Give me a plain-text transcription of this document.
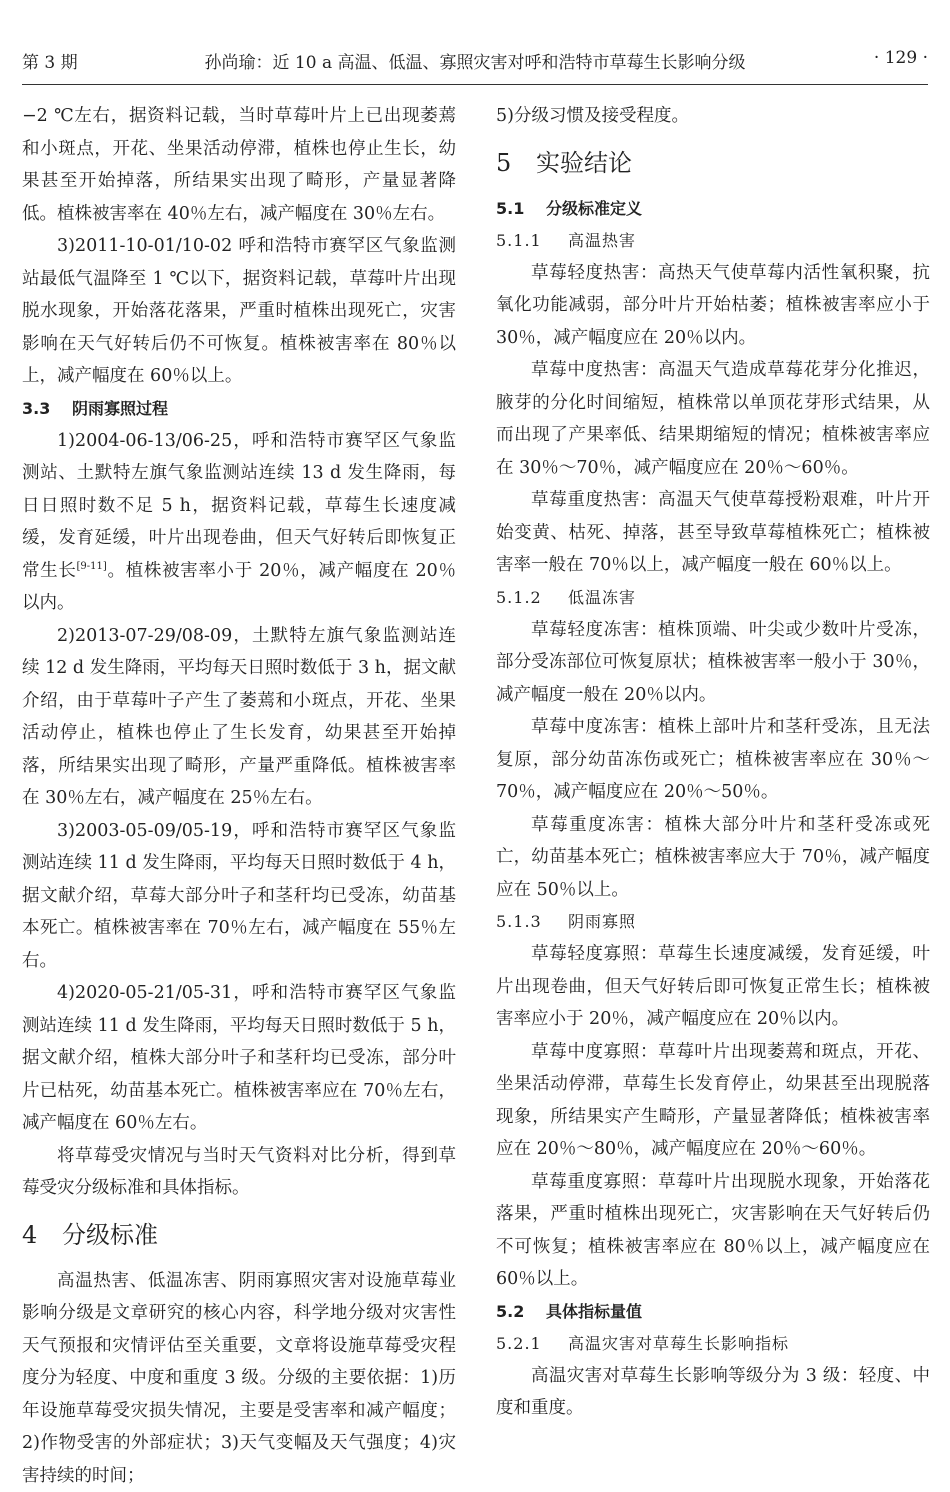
第 3 期	孙尚瑜：近 10 a 高温、低温、寡照灾害对呼和浩特市草莓生长影响分级	· 129 ·

−2 ℃左右，据资料记载，当时草莓叶片上已出现萎蔫和小斑点，开花、坐果活动停滞，植株也停止生长，幼果甚至开始掉落，所结果实出现了畸形，产量显著降低。植株被害率在 40％左右，减产幅度在 30％左右。

3)2011-10-01/10-02 呼和浩特市赛罕区气象监测站最低气温降至 1 ℃以下，据资料记载，草莓叶片出现脱水现象，开始落花落果，严重时植株出现死亡，灾害影响在天气好转后仍不可恢复。植株被害率在 80％以上，减产幅度在 60％以上。

3.3 阴雨寡照过程

1)2004-06-13/06-25，呼和浩特市赛罕区气象监测站、土默特左旗气象监测站连续 13 d 发生降雨，每日日照时数不足 5 h，据资料记载，草莓生长速度减缓，发育延缓，叶片出现卷曲，但天气好转后即恢复正常生长[9-11]。植株被害率小于 20％，减产幅度在 20％以内。

2)2013-07-29/08-09，土默特左旗气象监测站连续 12 d 发生降雨，平均每天日照时数低于 3 h，据文献介绍，由于草莓叶子产生了萎蔫和小斑点，开花、坐果活动停止，植株也停止了生长发育，幼果甚至开始掉落，所结果实出现了畸形，产量严重降低。植株被害率在 30％左右，减产幅度在 25％左右。

3)2003-05-09/05-19，呼和浩特市赛罕区气象监测站连续 11 d 发生降雨，平均每天日照时数低于 4 h，据文献介绍，草莓大部分叶子和茎秆均已受冻，幼苗基本死亡。植株被害率在 70％左右，减产幅度在 55％左右。

4)2020-05-21/05-31，呼和浩特市赛罕区气象监测站连续 11 d 发生降雨，平均每天日照时数低于 5 h，据文献介绍，植株大部分叶子和茎秆均已受冻，部分叶片已枯死，幼苗基本死亡。植株被害率应在 70％左右，减产幅度在 60％左右。

将草莓受灾情况与当时天气资料对比分析，得到草莓受灾分级标准和具体指标。

4 分级标准

高温热害、低温冻害、阴雨寡照灾害对设施草莓业影响分级是文章研究的核心内容，科学地分级对灾害性天气预报和灾情评估至关重要，文章将设施草莓受灾程度分为轻度、中度和重度 3 级。分级的主要依据：1)历年设施草莓受灾损失情况，主要是受害率和减产幅度；2)作物受害的外部症状；3)天气变幅及天气强度；4)灾害持续的时间；

5)分级习惯及接受程度。

5 实验结论
5.1 分级标准定义
5.1.1 高温热害

草莓轻度热害：高热天气使草莓内活性氧积聚，抗氧化功能减弱，部分叶片开始枯萎；植株被害率应小于 30％，减产幅度应在 20％以内。

草莓中度热害：高温天气造成草莓花芽分化推迟，腋芽的分化时间缩短，植株常以单顶花芽形式结果，从而出现了产果率低、结果期缩短的情况；植株被害率应在 30％～70％，减产幅度应在 20％～60％。

草莓重度热害：高温天气使草莓授粉艰难，叶片开始变黄、枯死、掉落，甚至导致草莓植株死亡；植株被害率一般在 70％以上，减产幅度一般在 60％以上。

5.1.2 低温冻害

草莓轻度冻害：植株顶端、叶尖或少数叶片受冻，部分受冻部位可恢复原状；植株被害率一般小于 30％，减产幅度一般在 20％以内。

草莓中度冻害：植株上部叶片和茎秆受冻，且无法复原，部分幼苗冻伤或死亡；植株被害率应在 30％～70％，减产幅度应在 20％～50％。

草莓重度冻害：植株大部分叶片和茎秆受冻或死亡，幼苗基本死亡；植株被害率应大于 70％，减产幅度应在 50％以上。

5.1.3 阴雨寡照

草莓轻度寡照：草莓生长速度减缓，发育延缓，叶片出现卷曲，但天气好转后即可恢复正常生长；植株被害率应小于 20％，减产幅度应在 20％以内。

草莓中度寡照：草莓叶片出现萎蔫和斑点，开花、坐果活动停滞，草莓生长发育停止，幼果甚至出现脱落现象，所结果实产生畸形，产量显著降低；植株被害率应在 20％～80％，减产幅度应在 20％～60％。

草莓重度寡照：草莓叶片出现脱水现象，开始落花落果，严重时植株出现死亡，灾害影响在天气好转后仍不可恢复；植株被害率应在 80％以上，减产幅度应在 60％以上。

5.2 具体指标量值
5.2.1 高温灾害对草莓生长影响指标

高温灾害对草莓生长影响等级分为 3 级：轻度、中度和重度。
